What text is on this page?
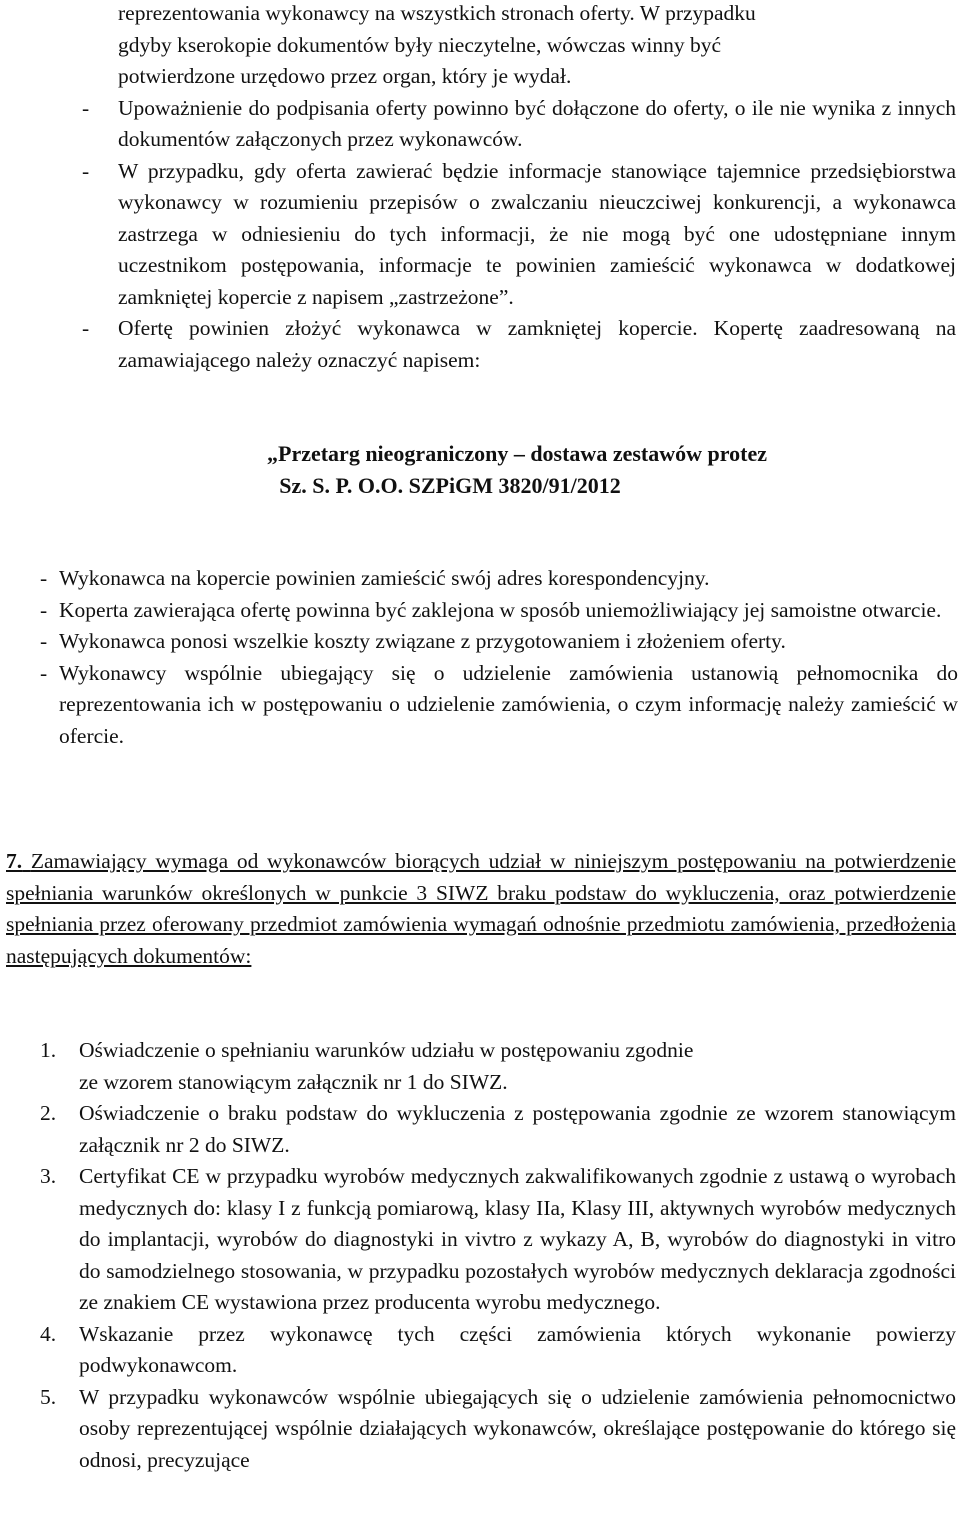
reprezentowania wykonawcy na wszystkich stronach oferty. W przypadku

gdyby kserokopie dokumentów były nieczytelne, wówczas winny być

potwierdzone urzędowo przez organ, który je wydał.

- Upoważnienie do podpisania oferty powinno być dołączone do oferty, o ile nie wynika z innych dokumentów załączonych przez wykonawców.
- W przypadku, gdy oferta zawierać będzie informacje stanowiące tajemnice przedsiębiorstwa wykonawcy w rozumieniu przepisów o zwalczaniu nieuczciwej konkurencji, a wykonawca zastrzega w odniesieniu do tych informacji, że nie mogą być one udostępniane innym uczestnikom postępowania, informacje te powinien zamieścić wykonawca w dodatkowej zamkniętej kopercie z napisem „zastrzeżone”.
- Ofertę powinien złożyć wykonawca w zamkniętej kopercie. Kopertę zaadresowaną na zamawiającego należy oznaczyć napisem:
„Przetarg nieograniczony – dostawa zestawów protez
Sz. S. P. O.O. SZPiGM 3820/91/2012
- Wykonawca na kopercie powinien zamieścić swój adres korespondencyjny.
- Koperta zawierająca ofertę powinna być zaklejona w sposób uniemożliwiający jej samoistne otwarcie.
- Wykonawca ponosi wszelkie koszty związane z przygotowaniem i złożeniem oferty.
- Wykonawcy wspólnie ubiegający się o udzielenie zamówienia ustanowią pełnomocnika do reprezentowania ich w postępowaniu o udzielenie zamówienia, o czym informację należy zamieścić w ofercie.
7. Zamawiający wymaga od wykonawców biorących udział w niniejszym postępowaniu na potwierdzenie spełniania warunków określonych w punkcie 3 SIWZ braku podstaw do wykluczenia, oraz potwierdzenie spełniania przez oferowany przedmiot zamówienia wymagań odnośnie przedmiotu zamówienia, przedłożenia następujących dokumentów:
1. Oświadczenie o spełnianiu warunków udziału w postępowaniu zgodnie
ze wzorem stanowiącym załącznik nr 1 do SIWZ.
2. Oświadczenie o braku podstaw do wykluczenia z postępowania zgodnie ze wzorem stanowiącym załącznik nr 2 do SIWZ.
3. Certyfikat CE w przypadku wyrobów medycznych zakwalifikowanych zgodnie z ustawą o wyrobach medycznych do: klasy I z funkcją pomiarową, klasy IIa, Klasy III, aktywnych wyrobów medycznych do implantacji, wyrobów do diagnostyki in vivtro z wykazy A, B, wyrobów do diagnostyki in vitro do samodzielnego stosowania, w przypadku pozostałych wyrobów medycznych deklaracja zgodności ze znakiem CE wystawiona przez producenta wyrobu medycznego.
4. Wskazanie przez wykonawcę tych części zamówienia których wykonanie powierzy podwykonawcom.
5. W przypadku wykonawców wspólnie ubiegających się o udzielenie zamówienia pełnomocnictwo osoby reprezentującej wspólnie działających wykonawców, określające postępowanie do którego się odnosi, precyzujące
